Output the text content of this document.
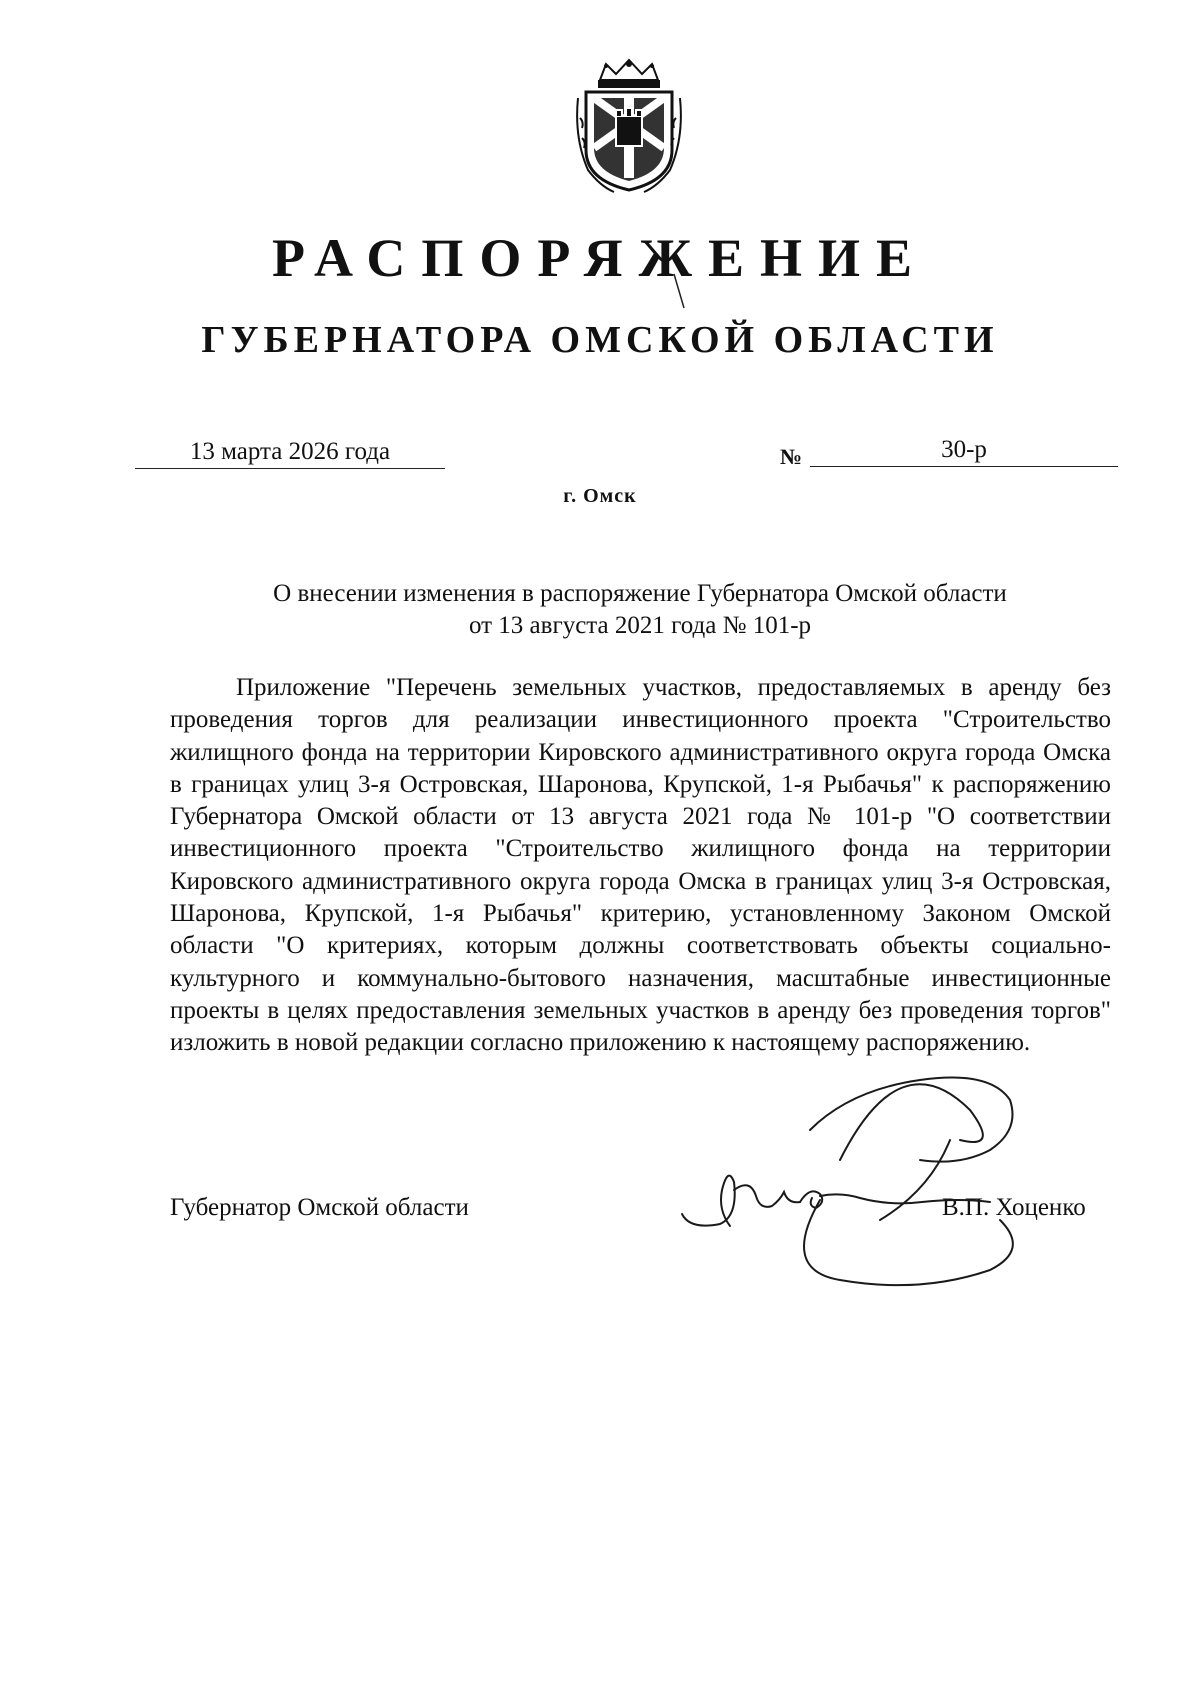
РАСПОРЯЖЕНИЕ
ГУБЕРНАТОРА ОМСКОЙ ОБЛАСТИ
13 марта 2026 года	№	30-р
г. Омск
О внесении изменения в распоряжение Губернатора Омской области
от 13 августа 2021 года № 101-р

Приложение "Перечень земельных участков, предоставляемых в аренду без проведения торгов для реализации инвестиционного проекта "Строительство жилищного фонда на территории Кировского административного округа города Омска в границах улиц 3-я Островская, Шаронова, Крупской, 1-я Рыбачья" к распоряжению Губернатора Омской области от 13 августа 2021 года № 101-р "О соответствии инвестиционного проекта "Строительство жилищного фонда на территории Кировского административного округа города Омска в границах улиц 3-я Островская, Шаронова, Крупской, 1-я Рыбачья" критерию, установленному Законом Омской области "О критериях, которым должны соответствовать объекты социально-культурного и коммунально-бытового назначения, масштабные инвестиционные проекты в целях предоставления земельных участков в аренду без проведения торгов" изложить в новой редакции согласно приложению к настоящему распоряжению.

Губернатор Омской области	В.П. Хоценко
